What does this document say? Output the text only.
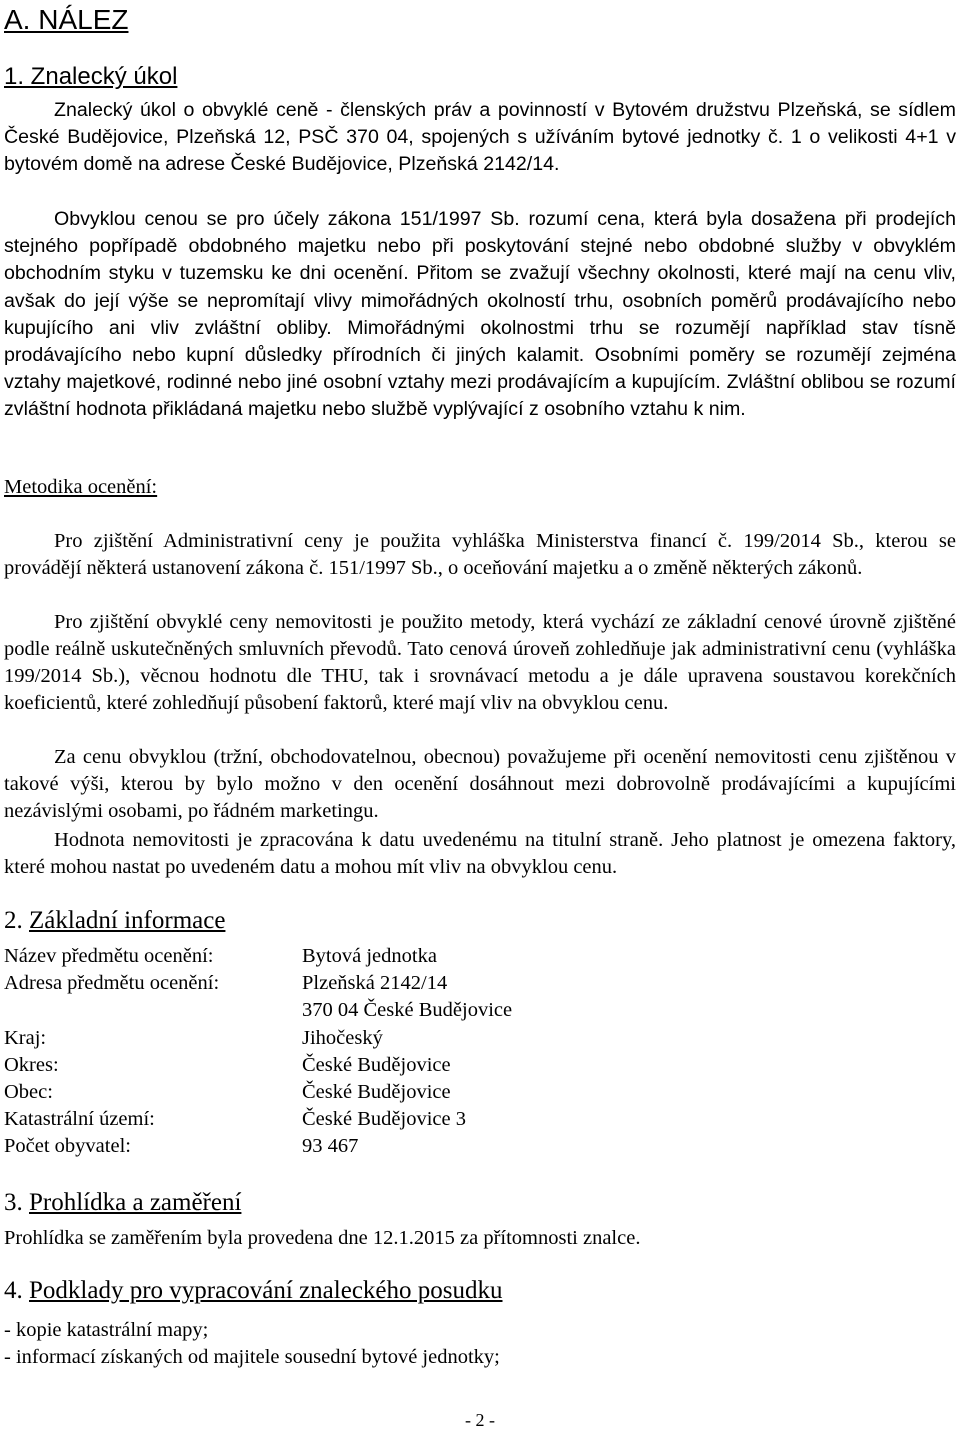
A. NÁLEZ
1. Znalecký úkol

Znalecký úkol o obvyklé ceně - členských práv a povinností v Bytovém družstvu Plzeňská, se sídlem České Budějovice, Plzeňská 12, PSČ 370 04, spojených s užíváním bytové jednotky č. 1 o velikosti 4+1 v bytovém domě na adrese České Budějovice, Plzeňská 2142/14.

Obvyklou cenou se pro účely zákona 151/1997 Sb. rozumí cena, která byla dosažena při prodejích stejného popřípadě obdobného majetku nebo při poskytování stejné nebo obdobné služby v obvyklém obchodním styku v tuzemsku ke dni ocenění. Přitom se zvažují všechny okolnosti, které mají na cenu vliv, avšak do její výše se nepromítají vlivy mimořádných okolností trhu, osobních poměrů prodávajícího nebo kupujícího ani vliv zvláštní obliby. Mimořádnými okolnostmi trhu se rozumějí například stav tísně prodávajícího nebo kupní důsledky přírodních či jiných kalamit. Osobními poměry se rozumějí zejména vztahy majetkové, rodinné nebo jiné osobní vztahy mezi prodávajícím a kupujícím. Zvláštní oblibou se rozumí zvláštní hodnota přikládaná majetku nebo službě vyplývající z osobního vztahu k nim.

Metodika ocenění:

Pro zjištění Administrativní ceny je použita vyhláška Ministerstva financí č. 199/2014 Sb., kterou se provádějí některá ustanovení zákona č. 151/1997 Sb., o oceňování majetku a o změně některých zákonů.

Pro zjištění obvyklé ceny nemovitosti je použito metody, která vychází ze základní cenové úrovně zjištěné podle reálně uskutečněných smluvních převodů. Tato cenová úroveň zohledňuje jak administrativní cenu (vyhláška 199/2014 Sb.), věcnou hodnotu dle THU, tak i srovnávací metodu a je dále upravena soustavou korekčních koeficientů, které zohledňují působení faktorů, které mají vliv na obvyklou cenu.

Za cenu obvyklou (tržní, obchodovatelnou, obecnou) považujeme při ocenění nemovitosti cenu zjištěnou v takové výši, kterou by bylo možno v den ocenění dosáhnout mezi dobrovolně prodávajícími a kupujícími nezávislými osobami, po řádném marketingu.

Hodnota nemovitosti je zpracována k datu uvedenému na titulní straně. Jeho platnost je omezena faktory, které mohou nastat po uvedeném datu a mohou mít vliv na obvyklou cenu.

2. Základní informace
Název předmětu ocenění:	Bytová jednotka
Adresa předmětu ocenění:	Plzeňská 2142/14
370 04 České Budějovice
Kraj:	Jihočeský
Okres:	České Budějovice
Obec:	České Budějovice
Katastrální území:	České Budějovice 3
Počet obyvatel:	93 467
3. Prohlídka a zaměření

Prohlídka se zaměřením byla provedena dne 12.1.2015 za přítomnosti znalce.

4. Podklady pro vypracování znaleckého posudku
- kopie katastrální mapy;
- informací získaných od majitele sousední bytové jednotky;
- 2 -
